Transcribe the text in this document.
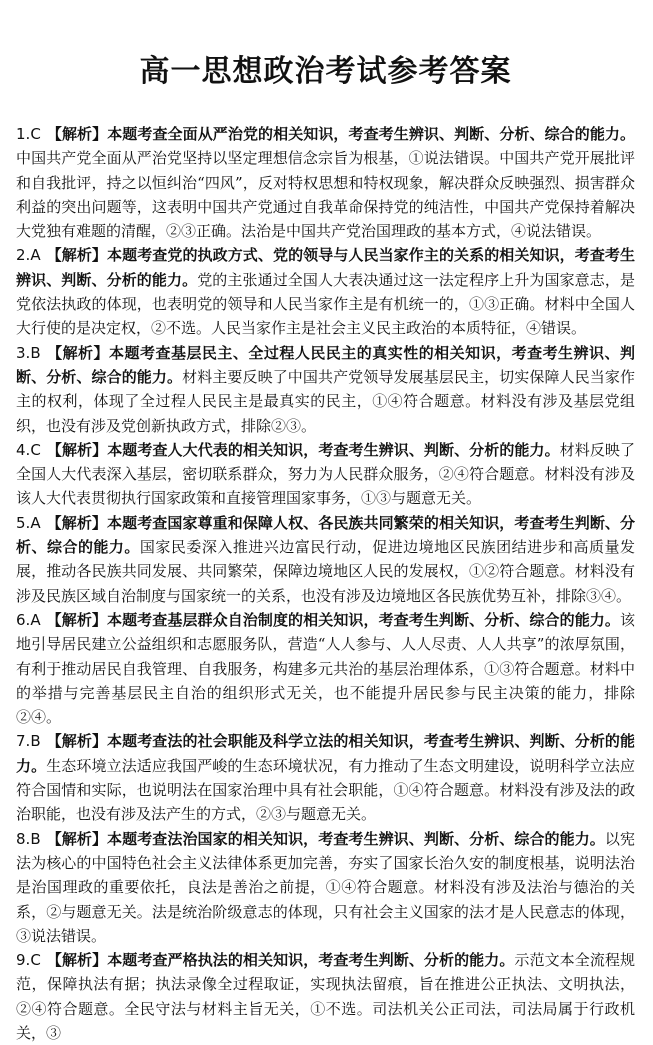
高一思想政治考试参考答案

1.C 【解析】本题考查全面从严治党的相关知识，考查考生辨识、判断、分析、综合的能力。中国共产党全面从严治党坚持以坚定理想信念宗旨为根基，①说法错误。中国共产党开展批评和自我批评，持之以恒纠治“四风”，反对特权思想和特权现象，解决群众反映强烈、损害群众利益的突出问题等，这表明中国共产党通过自我革命保持党的纯洁性，中国共产党保持着解决大党独有难题的清醒，②③正确。法治是中国共产党治国理政的基本方式，④说法错误。

2.A 【解析】本题考查党的执政方式、党的领导与人民当家作主的关系的相关知识，考查考生辨识、判断、分析的能力。党的主张通过全国人大表决通过这一法定程序上升为国家意志，是党依法执政的体现，也表明党的领导和人民当家作主是有机统一的，①③正确。材料中全国人大行使的是决定权，②不选。人民当家作主是社会主义民主政治的本质特征，④错误。

3.B 【解析】本题考查基层民主、全过程人民民主的真实性的相关知识，考查考生辨识、判断、分析、综合的能力。材料主要反映了中国共产党领导发展基层民主，切实保障人民当家作主的权利，体现了全过程人民民主是最真实的民主，①④符合题意。材料没有涉及基层党组织，也没有涉及党创新执政方式，排除②③。

4.C 【解析】本题考查人大代表的相关知识，考查考生辨识、判断、分析的能力。材料反映了全国人大代表深入基层，密切联系群众，努力为人民群众服务，②④符合题意。材料没有涉及该人大代表贯彻执行国家政策和直接管理国家事务，①③与题意无关。

5.A 【解析】本题考查国家尊重和保障人权、各民族共同繁荣的相关知识，考查考生判断、分析、综合的能力。国家民委深入推进兴边富民行动，促进边境地区民族团结进步和高质量发展，推动各民族共同发展、共同繁荣，保障边境地区人民的发展权，①②符合题意。材料没有涉及民族区域自治制度与国家统一的关系，也没有涉及边境地区各民族优势互补，排除③④。

6.A 【解析】本题考查基层群众自治制度的相关知识，考查考生判断、分析、综合的能力。该地引导居民建立公益组织和志愿服务队，营造“人人参与、人人尽责、人人共享”的浓厚氛围，有利于推动居民自我管理、自我服务，构建多元共治的基层治理体系，①③符合题意。材料中的举措与完善基层民主自治的组织形式无关，也不能提升居民参与民主决策的能力，排除②④。

7.B 【解析】本题考查法的社会职能及科学立法的相关知识，考查考生辨识、判断、分析的能力。生态环境立法适应我国严峻的生态环境状况，有力推动了生态文明建设，说明科学立法应符合国情和实际，也说明法在国家治理中具有社会职能，①④符合题意。材料没有涉及法的政治职能，也没有涉及法产生的方式，②③与题意无关。

8.B 【解析】本题考查法治国家的相关知识，考查考生辨识、判断、分析、综合的能力。以宪法为核心的中国特色社会主义法律体系更加完善，夯实了国家长治久安的制度根基，说明法治是治国理政的重要依托，良法是善治之前提，①④符合题意。材料没有涉及法治与德治的关系，②与题意无关。法是统治阶级意志的体现，只有社会主义国家的法才是人民意志的体现，③说法错误。

9.C 【解析】本题考查严格执法的相关知识，考查考生判断、分析的能力。示范文本全流程规范，保障执法有据；执法录像全过程取证，实现执法留痕，旨在推进公正执法、文明执法，②④符合题意。全民守法与材料主旨无关，①不选。司法机关公正司法，司法局属于行政机关，③
